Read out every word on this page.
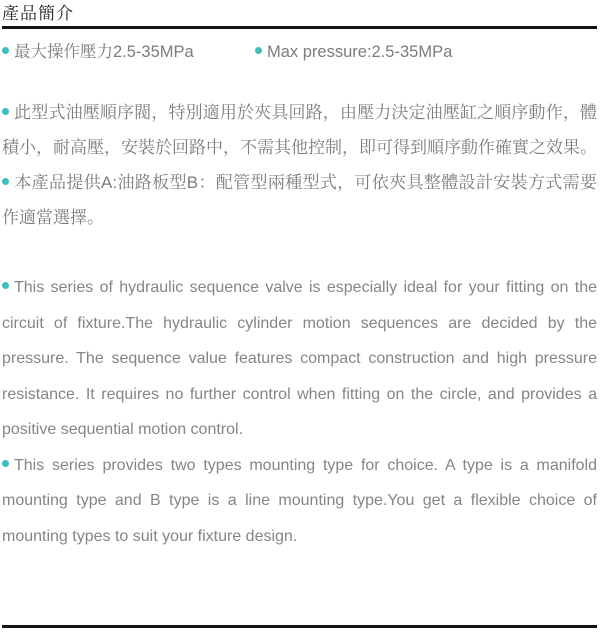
產品簡介
最大操作壓力2.5-35MPa	Max pressure:2.5-35MPa

此型式油壓順序閥，特別適用於夾具回路，由壓力決定油壓缸之順序動作，體積小，耐高壓，安裝於回路中，不需其他控制，即可得到順序動作確實之效果。

本產品提供A:油路板型B：配管型兩種型式，可依夾具整體設計安裝方式需要作適當選擇。

This series of hydraulic sequence valve is especially ideal for your fitting on the circuit of fixture.The hydraulic cylinder motion sequences are decided by the pressure. The sequence value features compact construction and high pressure resistance. It requires no further control when fitting on the circle, and provides a positive sequential motion control.

This series provides two types mounting type for choice. A type is a manifold mounting type and B type is a line mounting type.You get a flexible choice of mounting types to suit your fixture design.
